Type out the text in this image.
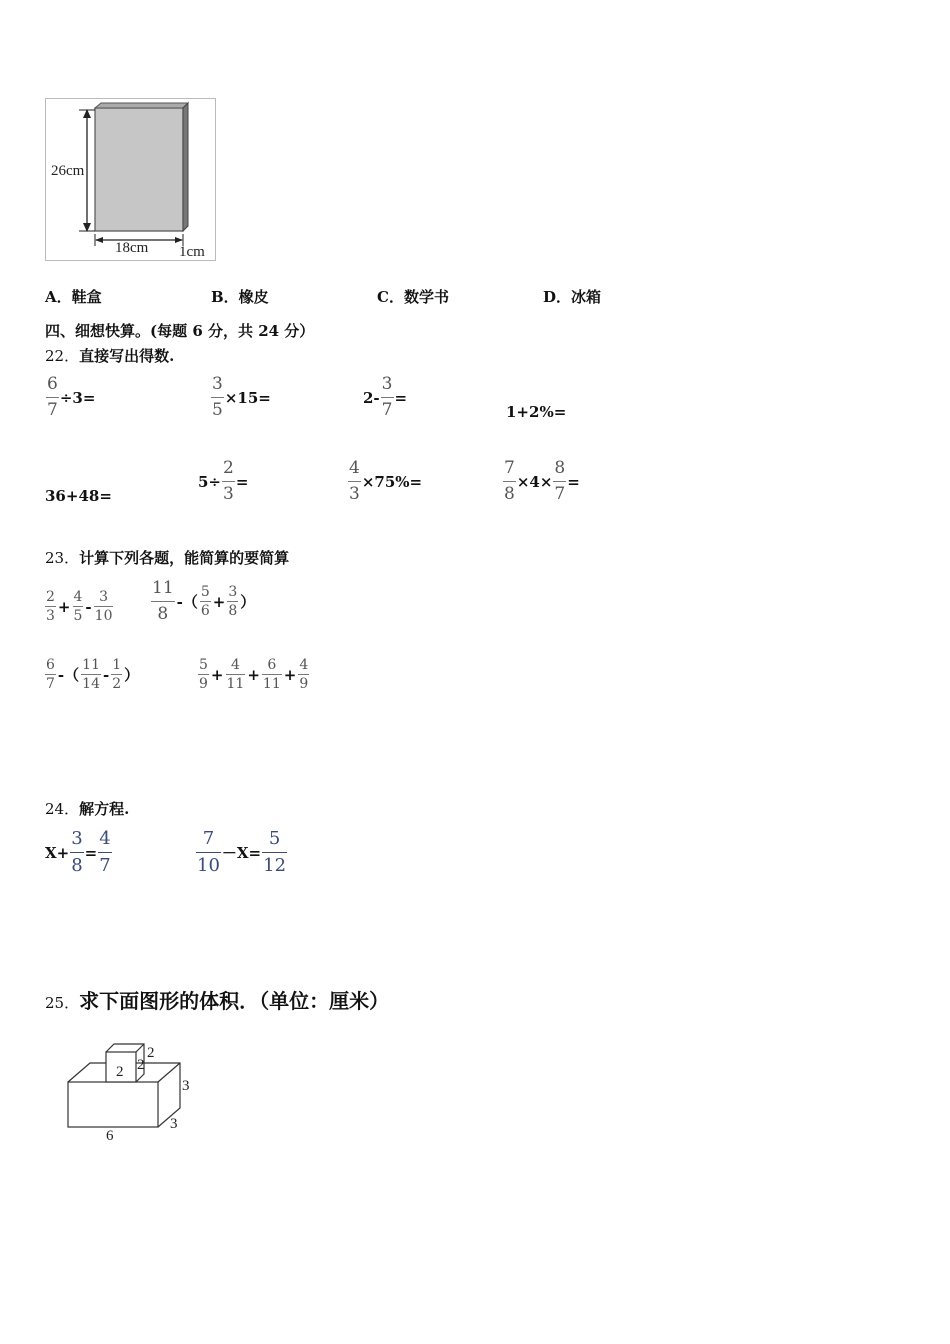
26cm
18cm 1cm
A．鞋盒	B．橡皮	C．数学书	D．冰箱
四、细想快算。(每题 6 分，共 24 分）
22．直接写出得数.
6
7
÷3=
3
5
×15=	2-
3
7
=
1+2%=
36+48=
5÷
2
3
=
4
3
×75%=
7
8
×4×
8
7
=
23．计算下列各题，能简算的要简算
2
3
+
4
5
-
3
10
11
8
-（
5
6
+
3
8 ）
6
7 -（
11
14
-
1
2 ）
5
9
+
4
11
+
6
11
+
4
9
24．解方程.
X+
3
8
=
4
7
7
10
－X=
5
12
25．求下面图形的体积．（单位：厘米）
2 2
2
3
3
6
